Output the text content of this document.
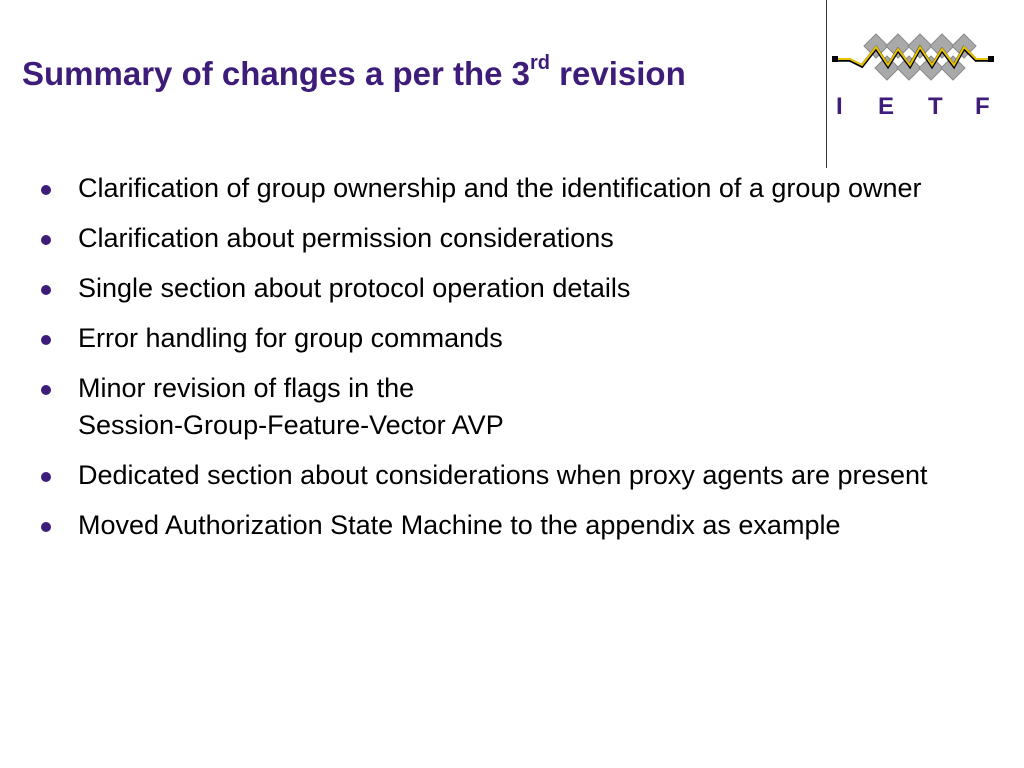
Summary of changes a per the 3rd revision
I E T F
Clarification of group ownership and the identification of a group owner
Clarification about permission considerations
Single section about protocol operation details
Error handling for group commands
Minor revision of flags in the
Session-Group-Feature-Vector AVP
Dedicated section about considerations when proxy agents are present
Moved Authorization State Machine to the appendix as example
